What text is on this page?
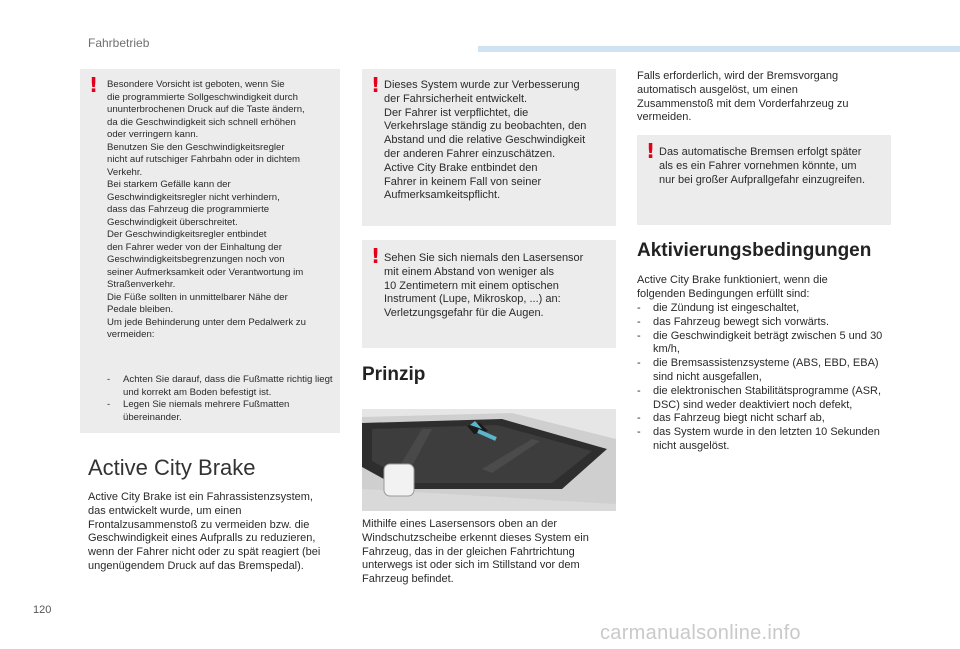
Fahrbetrieb
! Besondere Vorsicht ist geboten, wenn Sie
die programmierte Sollgeschwindigkeit durch
ununterbrochenen Druck auf die Taste ändern,
da die Geschwindigkeit sich schnell erhöhen
oder verringern kann.
Benutzen Sie den Geschwindigkeitsregler
nicht auf rutschiger Fahrbahn oder in dichtem
Verkehr.
Bei starkem Gefälle kann der
Geschwindigkeitsregler nicht verhindern,
dass das Fahrzeug die programmierte
Geschwindigkeit überschreitet.
Der Geschwindigkeitsregler entbindet
den Fahrer weder von der Einhaltung der
Geschwindigkeitsbegrenzungen noch von
seiner Aufmerksamkeit oder Verantwortung im
Straßenverkehr.
Die Füße sollten in unmittelbarer Nähe der
Pedale bleiben.
Um jede Behinderung unter dem Pedalwerk zu
vermeiden:
- Achten Sie darauf, dass die Fußmatte richtig liegt und korrekt am Boden befestigt ist.
- Legen Sie niemals mehrere Fußmatten übereinander.
Active City Brake
Active City Brake ist ein Fahrassistenzsystem,
das entwickelt wurde, um einen
Frontalzusammenstoß zu vermeiden bzw. die
Geschwindigkeit eines Aufpralls zu reduzieren,
wenn der Fahrer nicht oder zu spät reagiert (bei
ungenügendem Druck auf das Bremspedal).
! Dieses System wurde zur Verbesserung
der Fahrsicherheit entwickelt.
Der Fahrer ist verpflichtet, die
Verkehrslage ständig zu beobachten, den
Abstand und die relative Geschwindigkeit
der anderen Fahrer einzuschätzen.
Active City Brake entbindet den
Fahrer in keinem Fall von seiner
Aufmerksamkeitspflicht.
! Sehen Sie sich niemals den Lasersensor
mit einem Abstand von weniger als
10 Zentimetern mit einem optischen
Instrument (Lupe, Mikroskop, ...) an:
Verletzungsgefahr für die Augen.
Prinzip
Mithilfe eines Lasersensors oben an der
Windschutzscheibe erkennt dieses System ein
Fahrzeug, das in der gleichen Fahrtrichtung
unterwegs ist oder sich im Stillstand vor dem
Fahrzeug befindet.
Falls erforderlich, wird der Bremsvorgang
automatisch ausgelöst, um einen
Zusammenstoß mit dem Vorderfahrzeug zu
vermeiden.
! Das automatische Bremsen erfolgt später
als es ein Fahrer vornehmen könnte, um
nur bei großer Aufprallgefahr einzugreifen.
Aktivierungsbedingungen
Active City Brake funktioniert, wenn die
folgenden Bedingungen erfüllt sind:
- die Zündung ist eingeschaltet,
- das Fahrzeug bewegt sich vorwärts.
- die Geschwindigkeit beträgt zwischen 5 und 30 km/h,
- die Bremsassistenzsysteme (ABS, EBD, EBA) sind nicht ausgefallen,
- die elektronischen Stabilitätsprogramme (ASR, DSC) sind weder deaktiviert noch defekt,
- das Fahrzeug biegt nicht scharf ab,
- das System wurde in den letzten 10 Sekunden nicht ausgelöst.
120
carmanualsonline.info
